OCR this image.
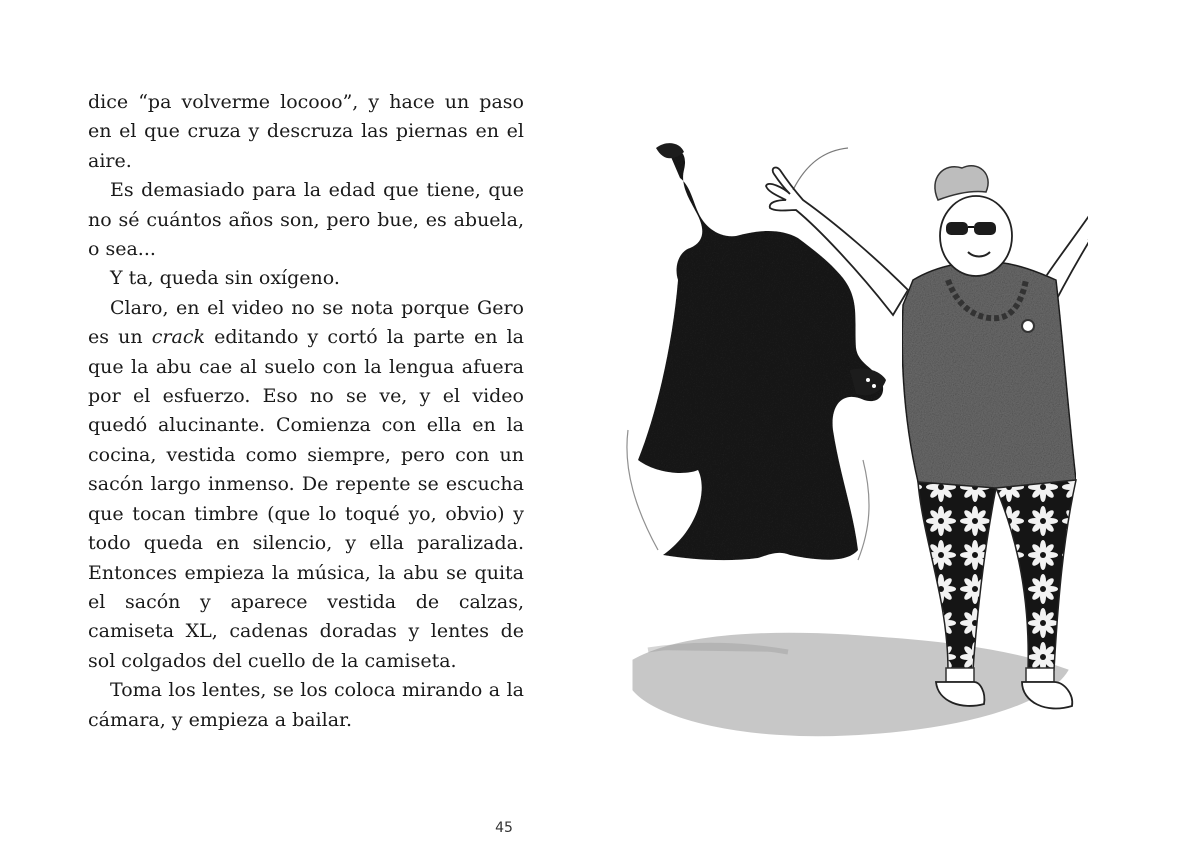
dice “pa volverme locooo”, y hace un paso en el que cruza y descruza las piernas en el aire.

Es demasiado para la edad que tiene, que no sé cuántos años son, pero bue, es abuela, o sea...

Y ta, queda sin oxígeno.

Claro, en el video no se nota porque Gero es un crack editando y cortó la parte en la que la abu cae al suelo con la lengua afuera por el esfuerzo. Eso no se ve, y el video quedó alucinante. Comienza con ella en la cocina, vestida como siempre, pero con un sacón largo inmenso. De repente se escucha que tocan timbre (que lo toqué yo, obvio) y todo queda en silencio, y ella paralizada. Entonces empieza la música, la abu se quita el sacón y aparece vestida de calzas, camiseta XL, cadenas doradas y lentes de sol colgados del cuello de la camiseta.

Toma los lentes, se los coloca mirando a la cámara, y empieza a bailar.

45
